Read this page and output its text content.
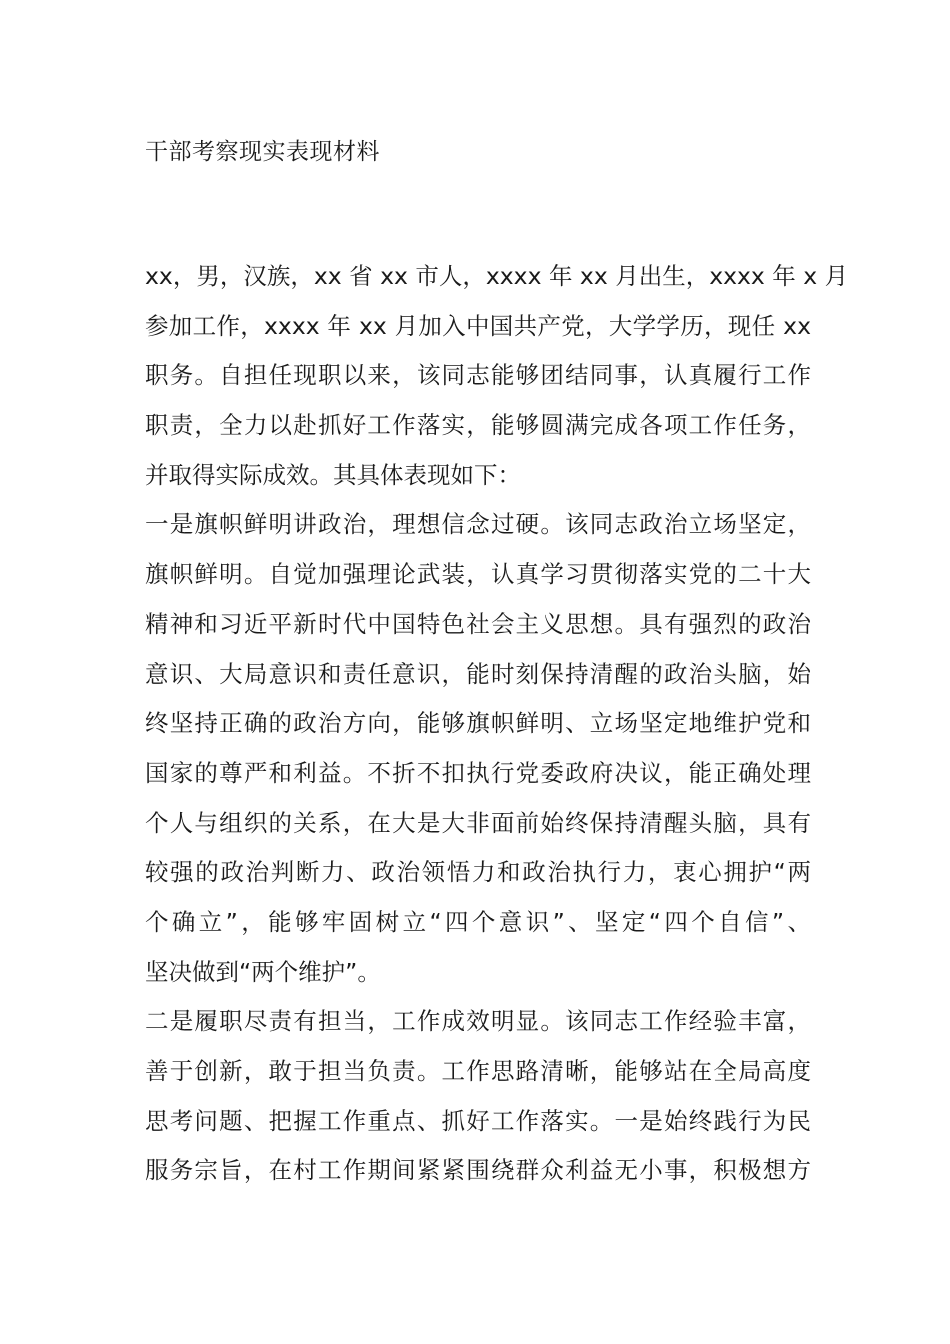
干部考察现实表现材料

xx，男，汉族，xx 省 xx 市人，xxxx 年 xx 月出生，xxxx 年 x 月
参加工作，xxxx 年 xx 月加入中国共产党，大学学历，现任 xx
职务。自担任现职以来，该同志能够团结同事，认真履行工作
职责，全力以赴抓好工作落实，能够圆满完成各项工作任务，
并取得实际成效。其具体表现如下：

一是旗帜鲜明讲政治，理想信念过硬。该同志政治立场坚定，
旗帜鲜明。自觉加强理论武装，认真学习贯彻落实党的二十大
精神和习近平新时代中国特色社会主义思想。具有强烈的政治
意识、大局意识和责任意识，能时刻保持清醒的政治头脑，始
终坚持正确的政治方向，能够旗帜鲜明、立场坚定地维护党和
国家的尊严和利益。不折不扣执行党委政府决议，能正确处理
个人与组织的关系，在大是大非面前始终保持清醒头脑，具有
较强的政治判断力、政治领悟力和政治执行力，衷心拥护“两
个确立”，能够牢固树立“四个意识”、坚定“四个自信”、
坚决做到“两个维护”。

二是履职尽责有担当，工作成效明显。该同志工作经验丰富，
善于创新，敢于担当负责。工作思路清晰，能够站在全局高度
思考问题、把握工作重点、抓好工作落实。一是始终践行为民
服务宗旨，在村工作期间紧紧围绕群众利益无小事，积极想方
